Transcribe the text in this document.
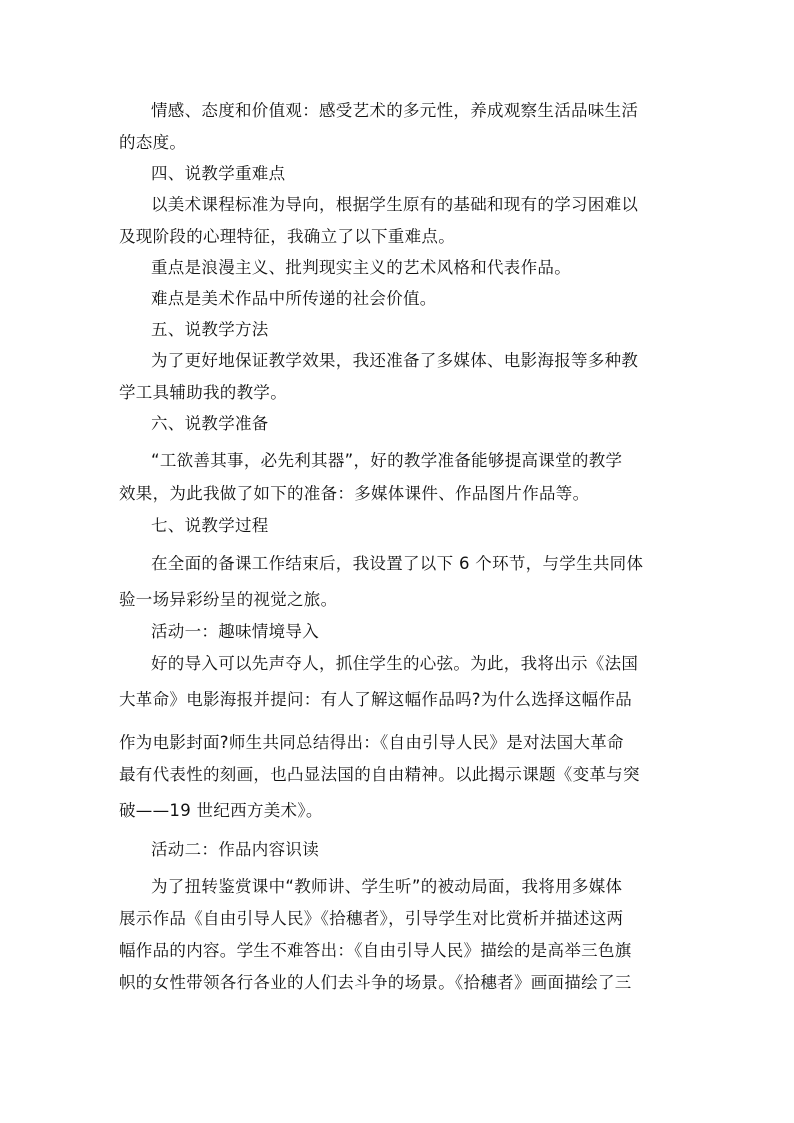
情感、态度和价值观：感受艺术的多元性，养成观察生活品味生活
的态度。
四、说教学重难点
以美术课程标准为导向，根据学生原有的基础和现有的学习困难以
及现阶段的心理特征，我确立了以下重难点。
重点是浪漫主义、批判现实主义的艺术风格和代表作品。
难点是美术作品中所传递的社会价值。
五、说教学方法
为了更好地保证教学效果，我还准备了多媒体、电影海报等多种教
学工具辅助我的教学。
六、说教学准备
“工欲善其事，必先利其器”，好的教学准备能够提高课堂的教学
效果，为此我做了如下的准备：多媒体课件、作品图片作品等。
七、说教学过程
在全面的备课工作结束后，我设置了以下 6 个环节，与学生共同体
验一场异彩纷呈的视觉之旅。
活动一：趣味情境导入
好的导入可以先声夺人，抓住学生的心弦。为此，我将出示《法国
大革命》电影海报并提问：有人了解这幅作品吗?为什么选择这幅作品
作为电影封面?师生共同总结得出：《自由引导人民》是对法国大革命
最有代表性的刻画，也凸显法国的自由精神。以此揭示课题《变革与突
破——19 世纪西方美术》。
活动二：作品内容识读
为了扭转鉴赏课中“教师讲、学生听”的被动局面，我将用多媒体
展示作品《自由引导人民》《拾穗者》，引导学生对比赏析并描述这两
幅作品的内容。学生不难答出：《自由引导人民》描绘的是高举三色旗
帜的女性带领各行各业的人们去斗争的场景。《拾穗者》画面描绘了三
